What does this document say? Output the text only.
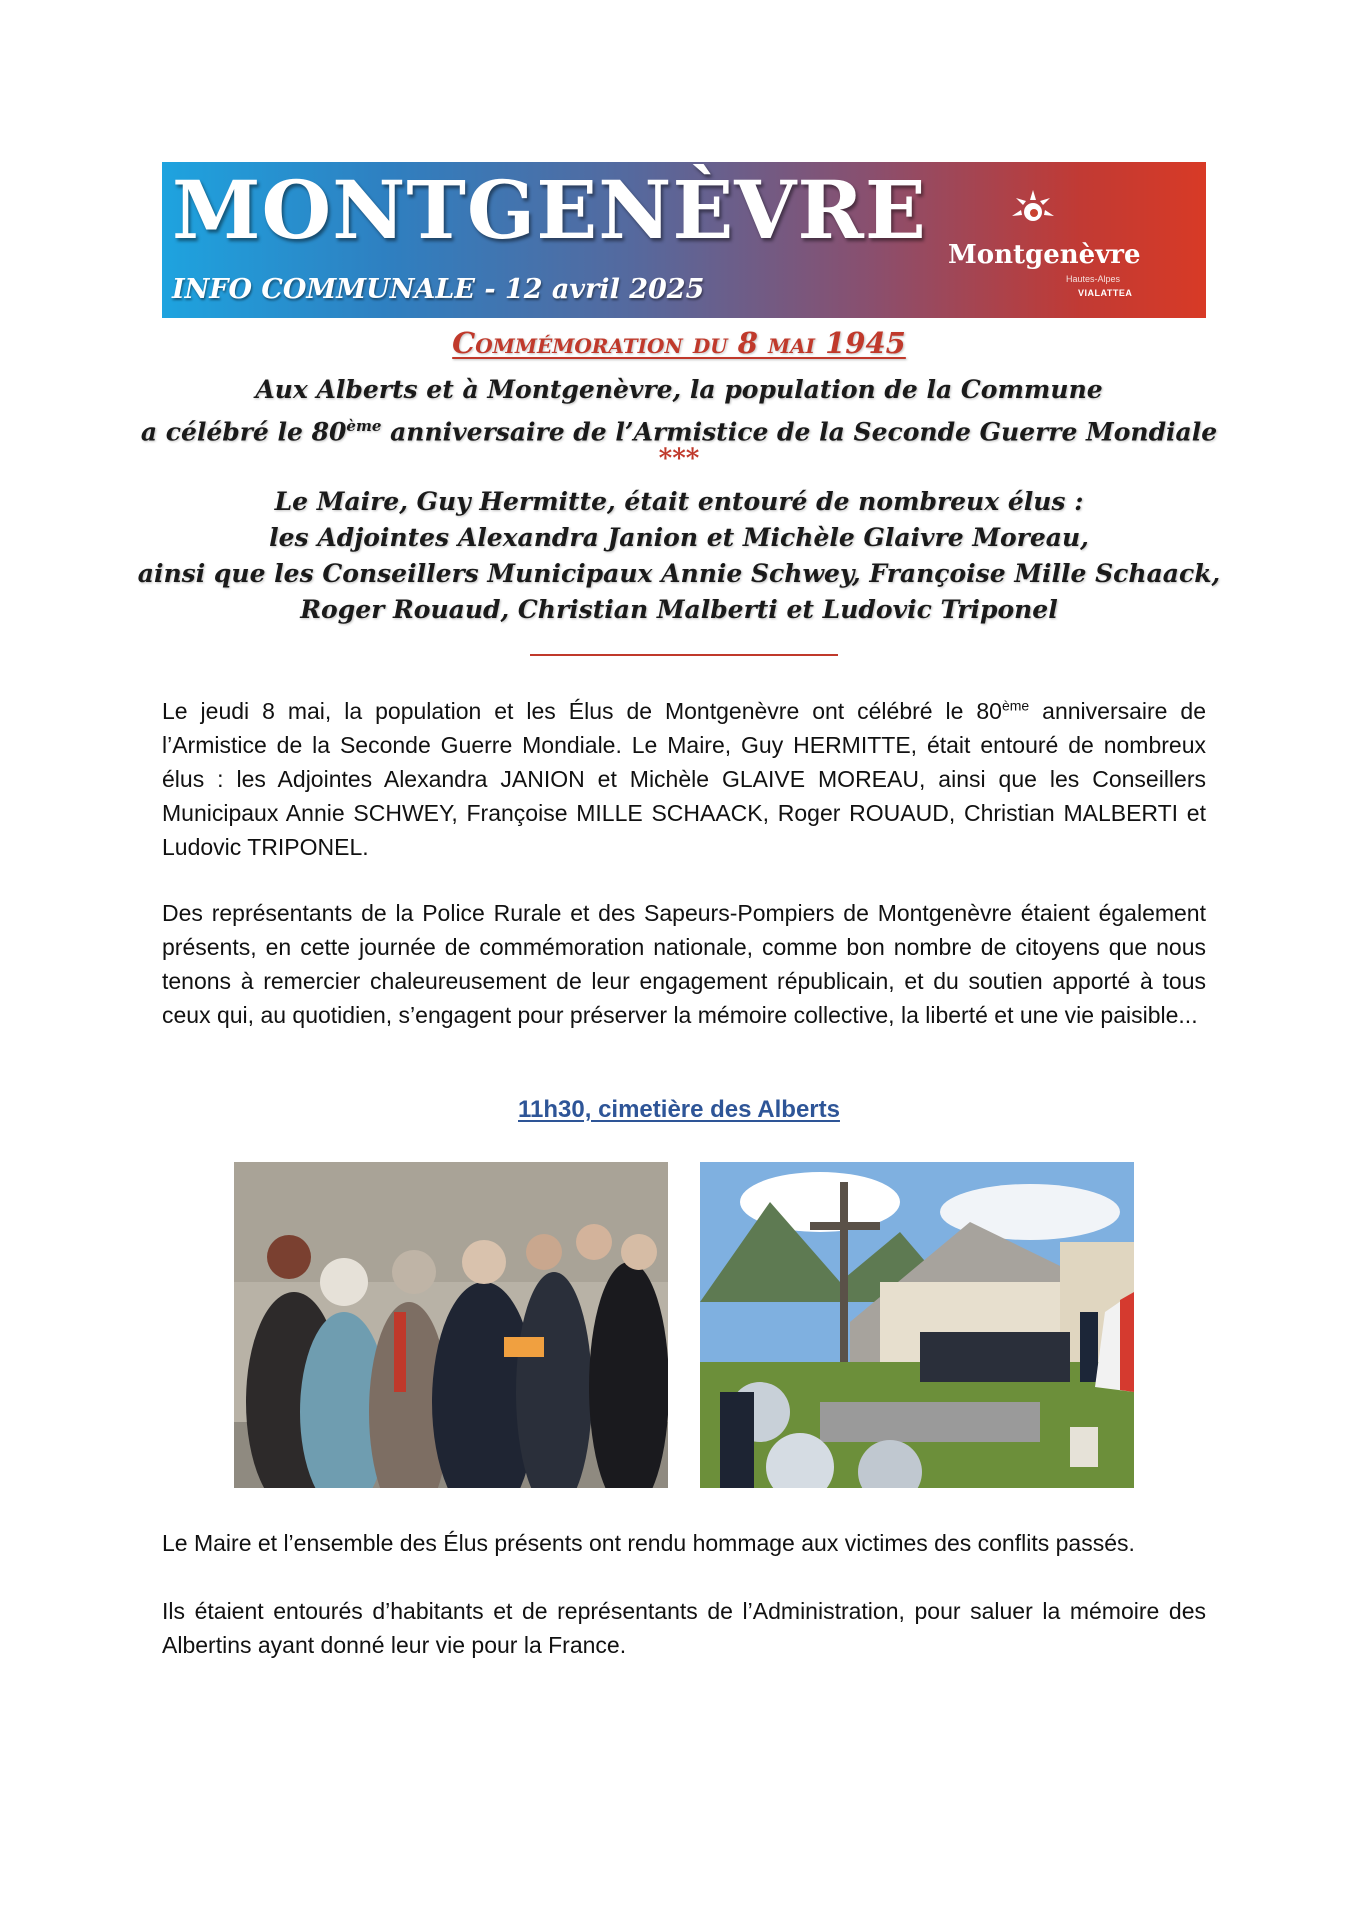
MONTGENÈVRE
INFO COMMUNALE - 12 avril 2025
Montgenèvre
Hautes-Alpes
VIALATTEA
Commémoration du 8 mai 1945
Aux Alberts et à Montgenèvre, la population de la Commune
a célébré le 80ème anniversaire de l’Armistice de la Seconde Guerre Mondiale
***
Le Maire, Guy Hermitte, était entouré de nombreux élus :
les Adjointes Alexandra Janion et Michèle Glaivre Moreau,
ainsi que les Conseillers Municipaux Annie Schwey, Françoise Mille Schaack,
Roger Rouaud, Christian Malberti et Ludovic Triponel
Le jeudi 8 mai, la population et les Élus de Montgenèvre ont célébré le 80ème anniversaire de l’Armistice de la Seconde Guerre Mondiale. Le Maire, Guy HERMITTE, était entouré de nombreux élus : les Adjointes Alexandra JANION et Michèle GLAIVE MOREAU, ainsi que les Conseillers Municipaux Annie SCHWEY, Françoise MILLE SCHAACK, Roger ROUAUD, Christian MALBERTI et Ludovic TRIPONEL.
Des représentants de la Police Rurale et des Sapeurs-Pompiers de Montgenèvre étaient également présents, en cette journée de commémoration nationale, comme bon nombre de citoyens que nous tenons à remercier chaleureusement de leur engagement républicain, et du soutien apporté à tous ceux qui, au quotidien, s’engagent pour préserver la mémoire collective, la liberté et une vie paisible...
11h30, cimetière des Alberts
Le Maire et l’ensemble des Élus présents ont rendu hommage aux victimes des conflits passés.
Ils étaient entourés d’habitants et de représentants de l’Administration, pour saluer la mémoire des Albertins ayant donné leur vie pour la France.
